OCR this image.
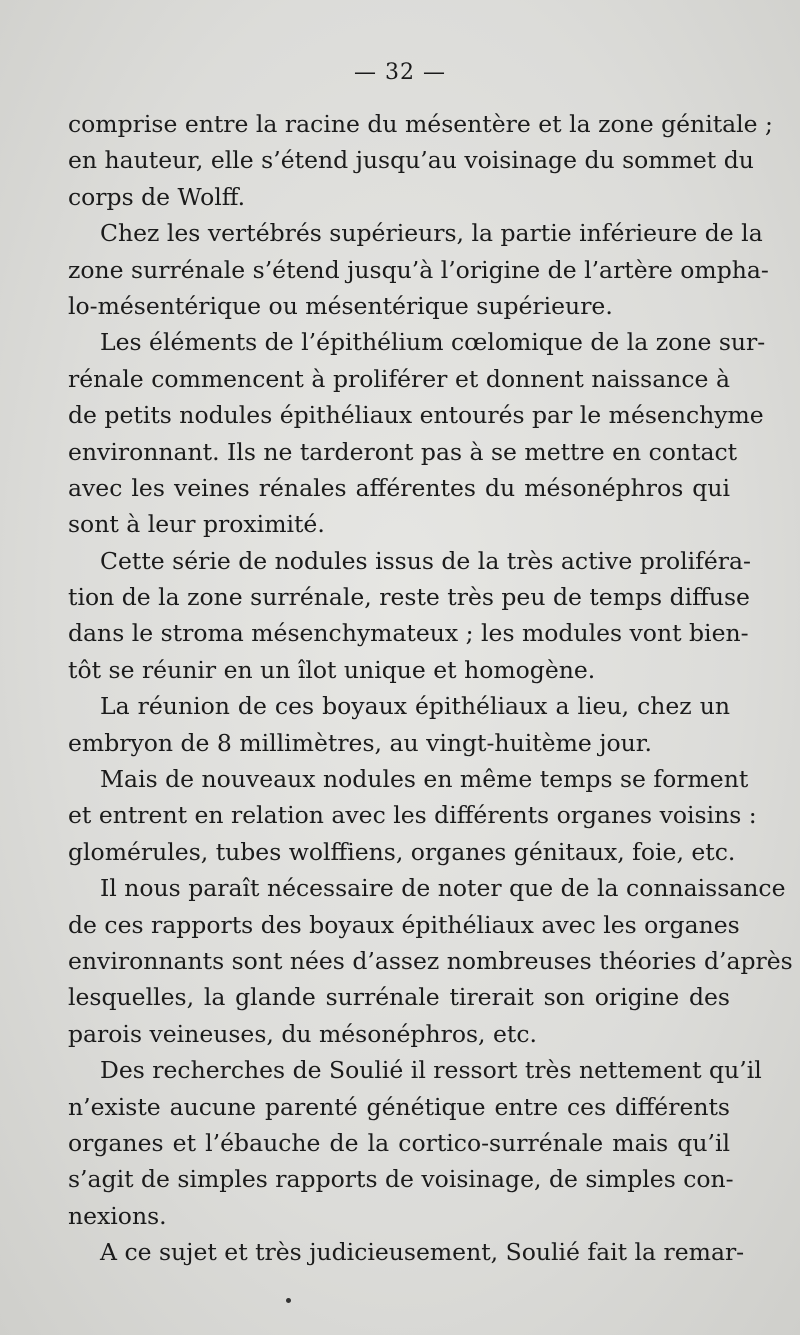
— 32 —
comprise entre la racine du mésentère et la zone génitale ;
en hauteur, elle s’étend jusqu’au voisinage du sommet du
corps de Wolff.
Chez les vertébrés supérieurs, la partie inférieure de la
zone surrénale s’étend jusqu’à l’origine de l’artère ompha-
lo-mésentérique ou mésentérique supérieure.
Les éléments de l’épithélium cœlomique de la zone sur-
rénale commencent à proliférer et donnent naissance à
de petits nodules épithéliaux entourés par le mésenchyme
environnant. Ils ne tarderont pas à se mettre en contact
avec les veines rénales afférentes du mésonéphros qui
sont à leur proximité.
Cette série de nodules issus de la très active proliféra-
tion de la zone surrénale, reste très peu de temps diffuse
dans le stroma mésenchymateux ; les modules vont bien-
tôt se réunir en un îlot unique et homogène.
La réunion de ces boyaux épithéliaux a lieu, chez un
embryon de 8 millimètres, au vingt-huitème jour.
Mais de nouveaux nodules en même temps se forment
et entrent en relation avec les différents organes voisins :
glomérules, tubes wolffiens, organes génitaux, foie, etc.
Il nous paraît nécessaire de noter que de la connaissance
de ces rapports des boyaux épithéliaux avec les organes
environnants sont nées d’assez nombreuses théories d’après
lesquelles, la glande surrénale tirerait son origine des
parois veineuses, du mésonéphros, etc.
Des recherches de Soulié il ressort très nettement qu’il
n’existe aucune parenté génétique entre ces différents
organes et l’ébauche de la cortico-surrénale mais qu’il
s’agit de simples rapports de voisinage, de simples con-
nexions.
A ce sujet et très judicieusement, Soulié fait la remar-
